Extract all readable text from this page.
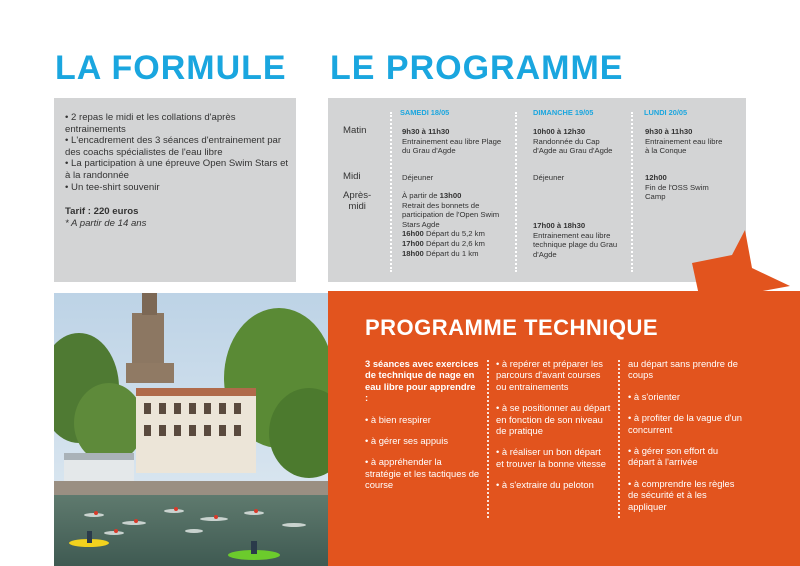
LA FORMULE LE PROGRAMME
• 2 repas le midi et les collations d'après entrainements
• L'encadrement des 3 séances d'entrainement par des coachs spécialistes de l'eau libre
• La participation à une épreuve Open Swim Stars et à la randonnée
• Un tee-shirt souvenir
Tarif : 220 euros
* A partir de 14 ans
SAMEDI 18/05	DIMANCHE 19/05	LUNDI 20/05
Matin
Midi
Après-
midi
9h30 à 11h30
Entrainement eau libre Plage du Grau d'Agde
Déjeuner
À partir de 13h00
Retrait des bonnets de participation de l'Open Swim Stars Agde
16h00 Départ du 5,2 km
17h00 Départ du 2,6 km
18h00 Départ du 1 km
10h00 à 12h30
Randonnée du Cap d'Agde au Grau d'Agde
Déjeuner
17h00 à 18h30
Entrainement eau libre technique plage du Grau d'Agde
9h30 à 11h30
Entrainement eau libre à la Conque
12h00
Fin de l'OSS Swim Camp
PROGRAMME TECHNIQUE
3 séances avec exercices de technique de nage en eau libre pour apprendre :
• à bien respirer
• à gérer ses appuis
• à appréhender la stratégie et les tactiques de course
• à repérer et préparer les parcours d'avant courses ou entrainements
• à se positionner au départ en fonction de son niveau de pratique
• à réaliser un bon départ et trouver la bonne vitesse
• à s'extraire du peloton
au départ sans prendre de coups
• à s'orienter
• à profiter de la vague d'un concurrent
• à gérer son effort du départ à l'arrivée
• à comprendre les règles de sécurité et à les appliquer
